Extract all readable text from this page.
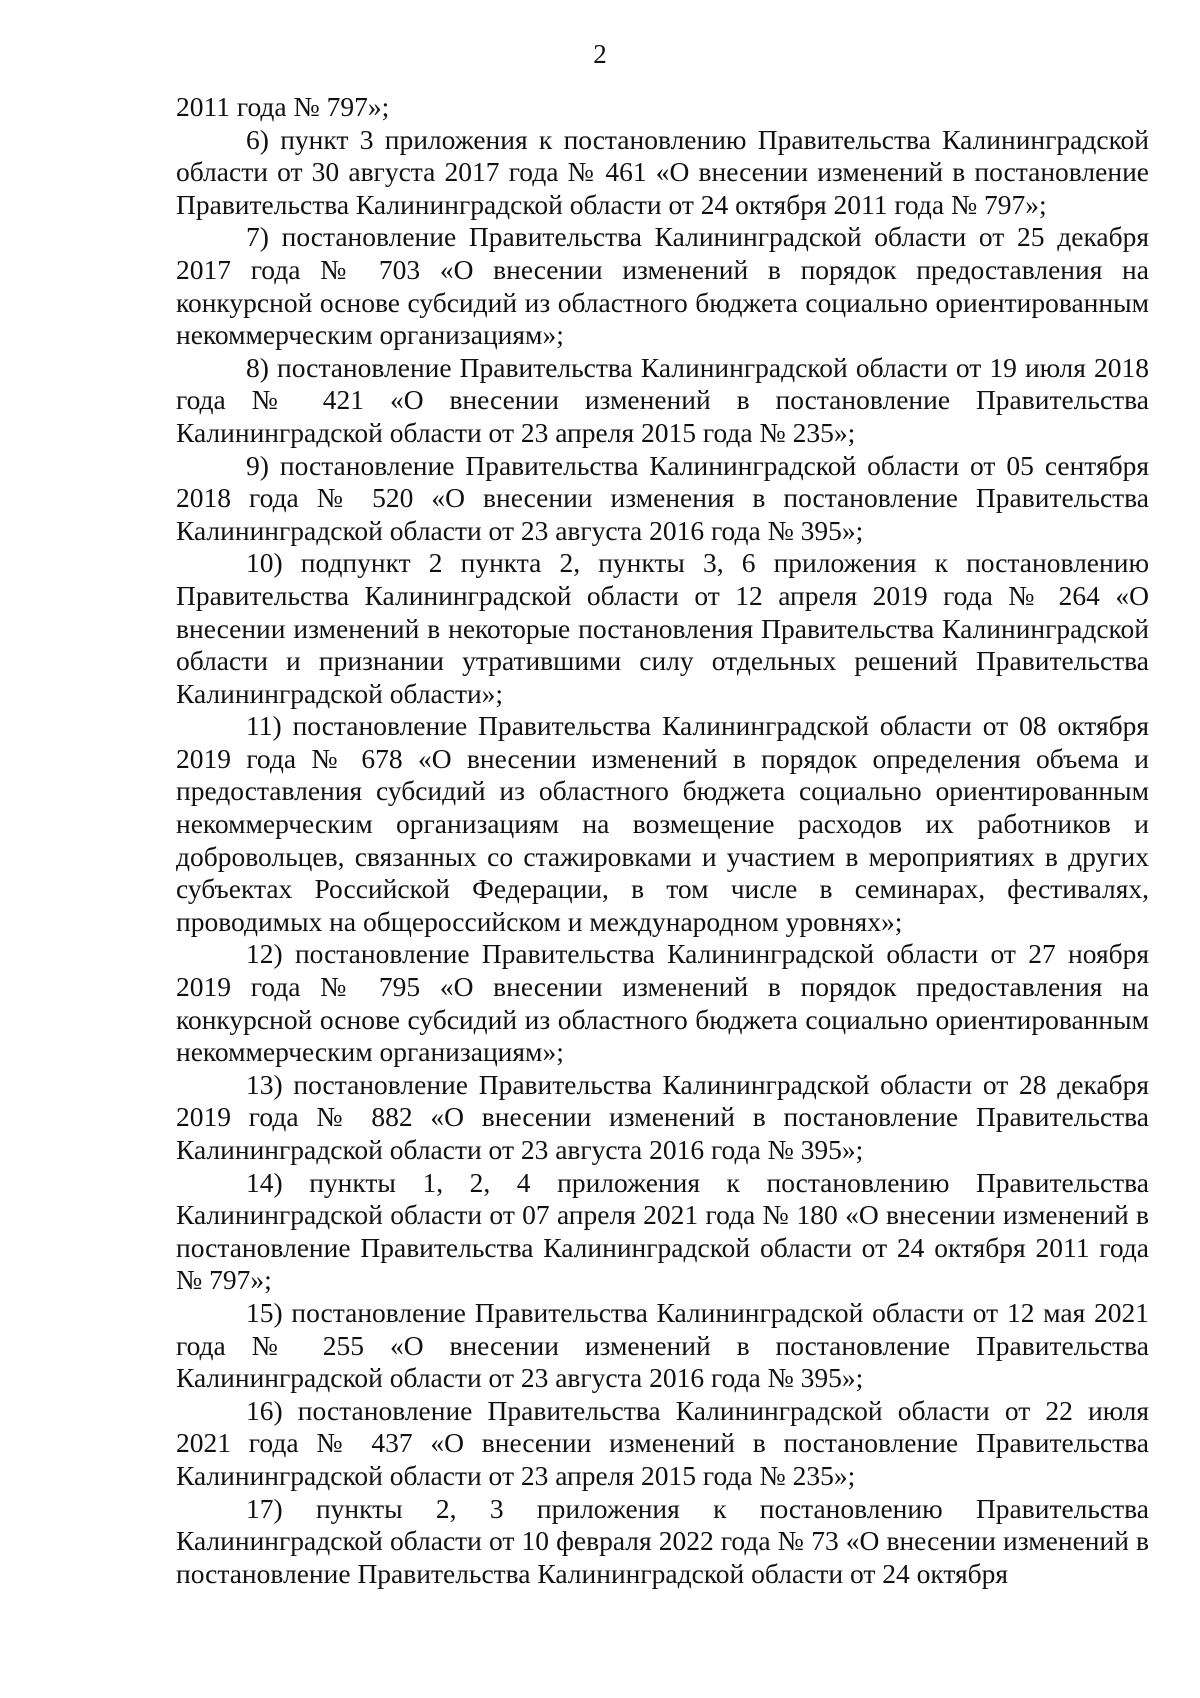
2

2011 года № 797»;

6) пункт 3 приложения к постановлению Правительства Калининградской области от 30 августа 2017 года № 461 «О внесении изменений в постановление Правительства Калининградской области от 24 октября 2011 года № 797»;

7) постановление Правительства Калининградской области от 25 декабря 2017 года № 703 «О внесении изменений в порядок предоставления на конкурсной основе субсидий из областного бюджета социально ориентированным некоммерческим организациям»;

8) постановление Правительства Калининградской области от 19 июля 2018 года № 421 «О внесении изменений в постановление Правительства Калининградской области от 23 апреля 2015 года № 235»;

9) постановление Правительства Калининградской области от 05 сентября 2018 года № 520 «О внесении изменения в постановление Правительства Калининградской области от 23 августа 2016 года № 395»;

10) подпункт 2 пункта 2, пункты 3, 6 приложения к постановлению Правительства Калининградской области от 12 апреля 2019 года № 264 «О внесении изменений в некоторые постановления Правительства Калининградской области и признании утратившими силу отдельных решений Правительства Калининградской области»;

11) постановление Правительства Калининградской области от 08 октября 2019 года № 678 «О внесении изменений в порядок определения объема и предоставления субсидий из областного бюджета социально ориентированным некоммерческим организациям на возмещение расходов их работников и добровольцев, связанных со стажировками и участием в мероприятиях в других субъектах Российской Федерации, в том числе в семинарах, фестивалях, проводимых на общероссийском и международном уровнях»;

12) постановление Правительства Калининградской области от 27 ноября 2019 года № 795 «О внесении изменений в порядок предоставления на конкурсной основе субсидий из областного бюджета социально ориентированным некоммерческим организациям»;

13) постановление Правительства Калининградской области от 28 декабря 2019 года № 882 «О внесении изменений в постановление Правительства Калининградской области от 23 августа 2016 года № 395»;

14) пункты 1, 2, 4 приложения к постановлению Правительства Калининградской области от 07 апреля 2021 года № 180 «О внесении изменений в постановление Правительства Калининградской области от 24 октября 2011 года № 797»;

15) постановление Правительства Калининградской области от 12 мая 2021 года № 255 «О внесении изменений в постановление Правительства Калининградской области от 23 августа 2016 года № 395»;

16) постановление Правительства Калининградской области от 22 июля 2021 года № 437 «О внесении изменений в постановление Правительства Калининградской области от 23 апреля 2015 года № 235»;

17) пункты 2, 3 приложения к постановлению Правительства Калининградской области от 10 февраля 2022 года № 73 «О внесении изменений в постановление Правительства Калининградской области от 24 октября
